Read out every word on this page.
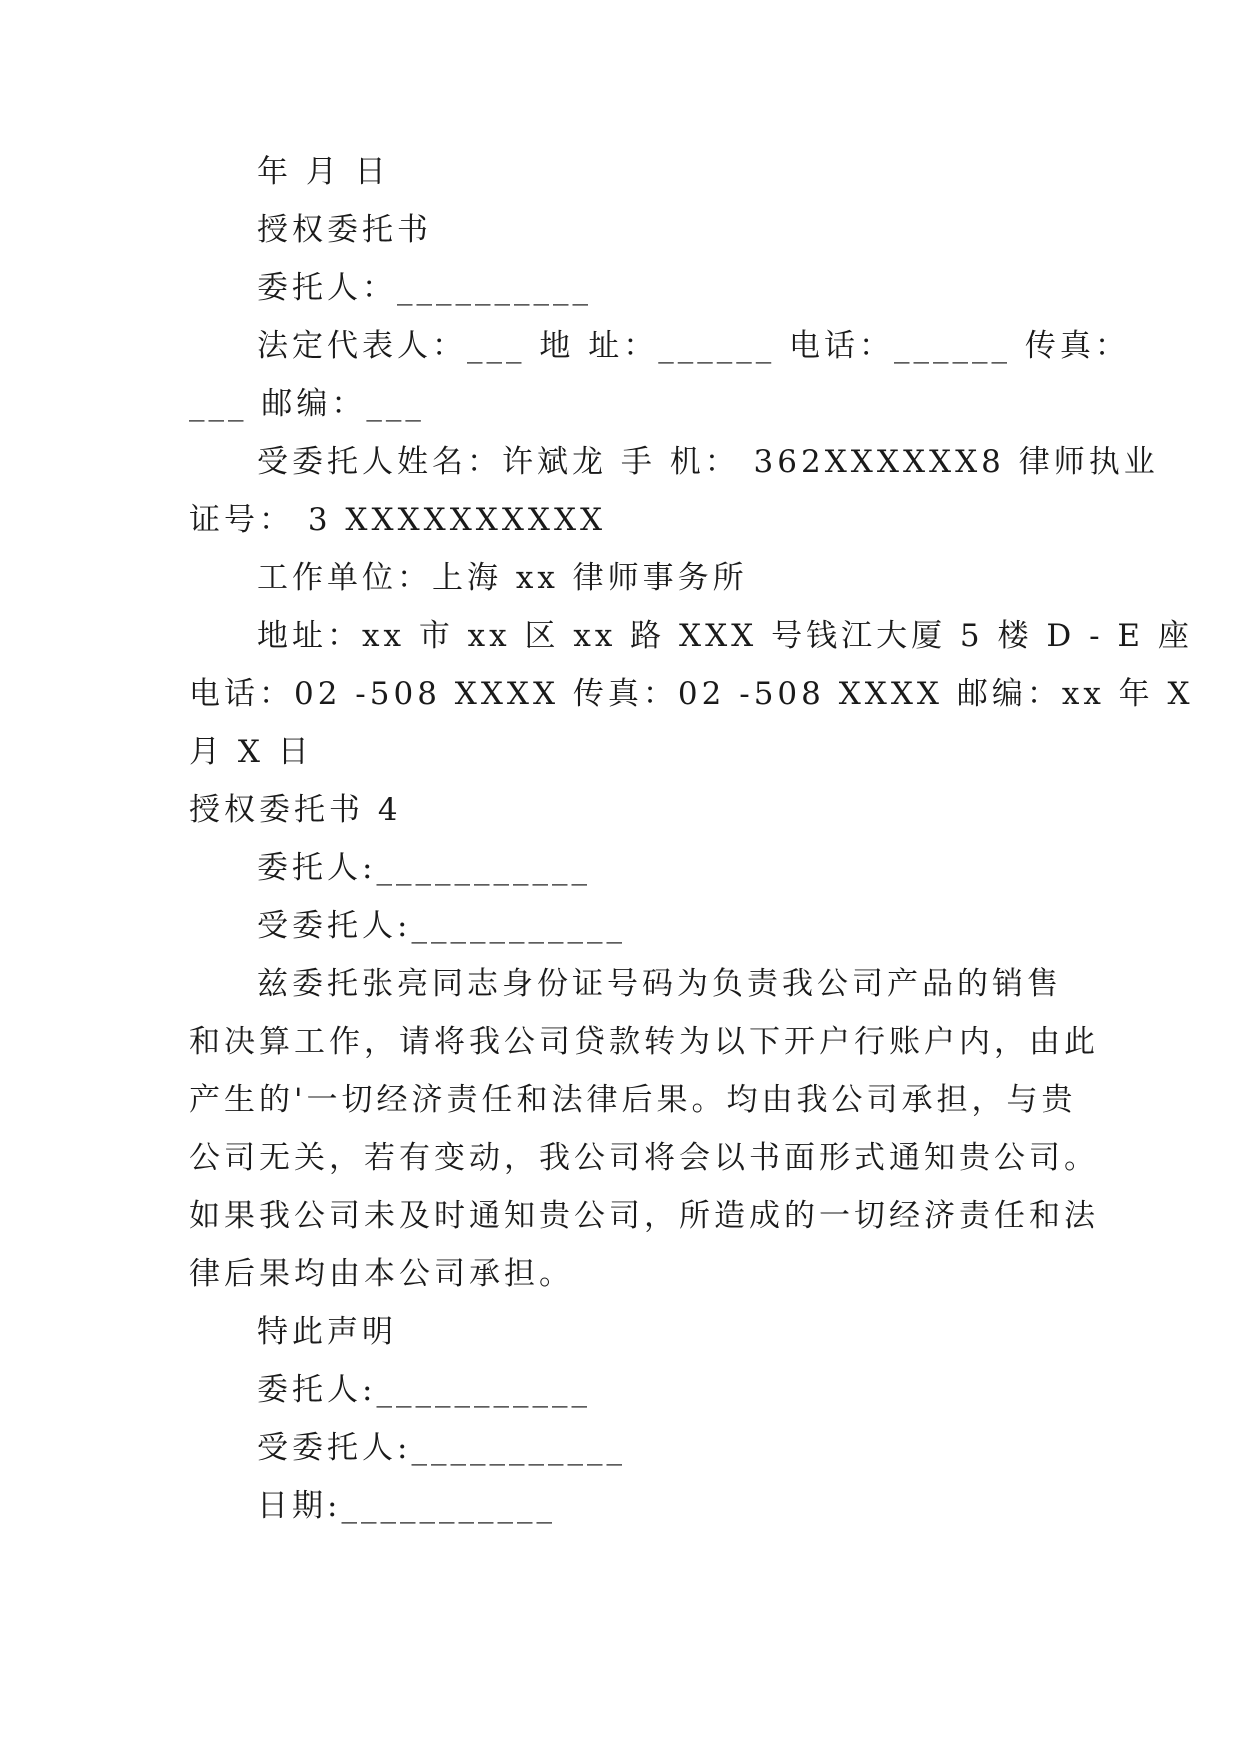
年 月 日
授权委托书
委托人：__________
法定代表人：___ 地 址：______ 电话：______ 传真：
___ 邮编：___
受委托人姓名：许斌龙 手 机： 362XXXXXX8 律师执业
证号： 3 XXXXXXXXXX
工作单位：上海 xx 律师事务所
地址：xx 市 xx 区 xx 路 XXX 号钱江大厦 5 楼 D - E 座
电话：02 -508 XXXX 传真：02 -508 XXXX 邮编：xx 年 X
月 X 日
授权委托书 4
委托人:___________
受委托人:___________
兹委托张亮同志身份证号码为负责我公司产品的销售
和决算工作，请将我公司贷款转为以下开户行账户内，由此
产生的'一切经济责任和法律后果。均由我公司承担，与贵
公司无关，若有变动，我公司将会以书面形式通知贵公司。
如果我公司未及时通知贵公司，所造成的一切经济责任和法
律后果均由本公司承担。
特此声明
委托人:___________
受委托人:___________
日期:___________
